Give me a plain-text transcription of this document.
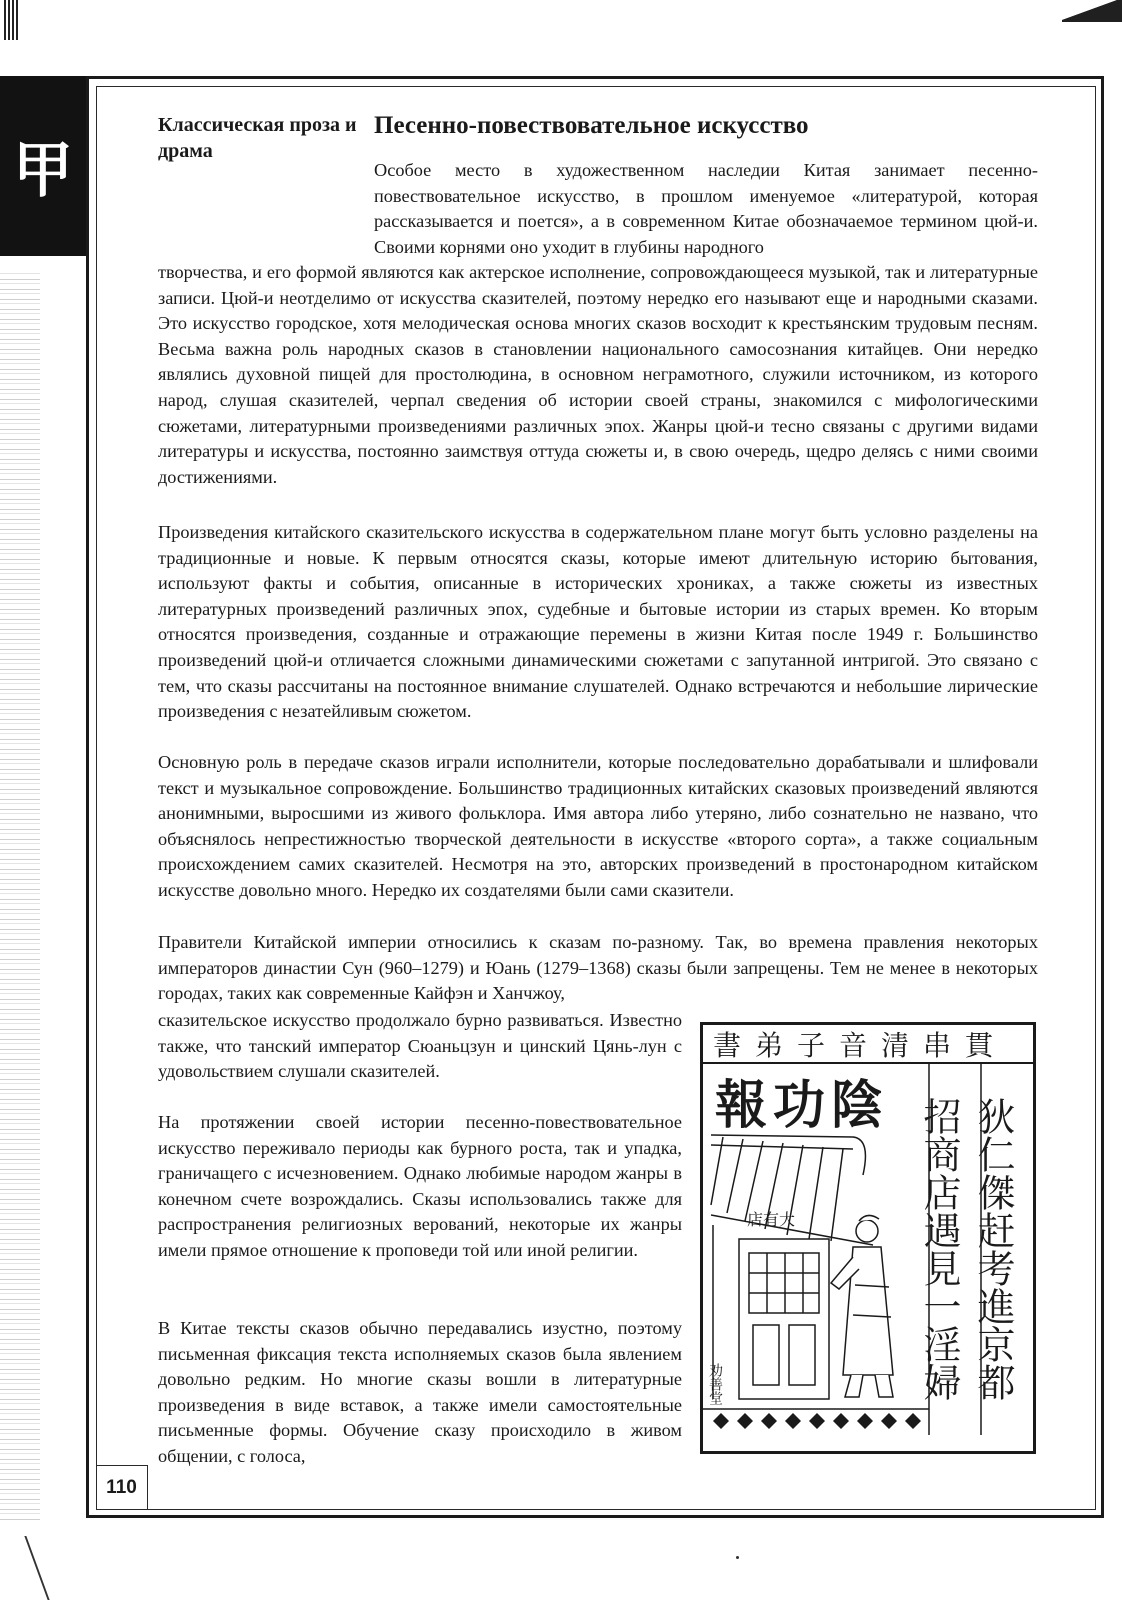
甲
Классическая проза и драма
Песенно-повествовательное искусство

Особое место в художественном наследии Китая занимает песенно-повествовательное искусство, в прошлом именуемое «литературой, которая рассказывается и поется», а в современном Китае обозначаемое термином цюй-и. Своими корнями оно уходит в глубины народного

творчества, и его формой являются как актерское исполнение, сопровождающееся музыкой, так и литературные записи. Цюй-и неотделимо от искусства сказителей, поэтому нередко его называют еще и народными сказами. Это искусство городское, хотя мелодическая основа многих сказов восходит к крестьянским трудовым песням. Весьма важна роль народных сказов в становлении национального самосознания китайцев. Они нередко являлись духовной пищей для простолюдина, в основном неграмотного, служили источником, из которого народ, слушая сказителей, черпал сведения об истории своей страны, знакомился с мифологическими сюжетами, литературными произведениями различных эпох. Жанры цюй-и тесно связаны с другими видами литературы и искусства, постоянно заимствуя оттуда сюжеты и, в свою очередь, щедро делясь с ними своими достижениями.

Произведения китайского сказительского искусства в содержательном плане могут быть условно разделены на традиционные и новые. К первым относятся сказы, которые имеют длительную историю бытования, используют факты и события, описанные в исторических хрониках, а также сюжеты из известных литературных произведений различных эпох, судебные и бытовые истории из старых времен. Ко вторым относятся произведения, созданные и отражающие перемены в жизни Китая после 1949 г. Большинство произведений цюй-и отличается сложными динамическими сюжетами с запутанной интригой. Это связано с тем, что сказы рассчитаны на постоянное внимание слушателей. Однако встречаются и небольшие лирические произведения с незатейливым сюжетом.

Основную роль в передаче сказов играли исполнители, которые последовательно дорабатывали и шлифовали текст и музыкальное сопровождение. Большинство традиционных китайских сказовых произведений являются анонимными, выросшими из живого фольклора. Имя автора либо утеряно, либо сознательно не названо, что объяснялось непрестижностью творческой деятельности в искусстве «второго сорта», а также социальным происхождением самих сказителей. Несмотря на это, авторских произведений в простонародном китайском искусстве довольно много. Нередко их создателями были сами сказители.

Правители Китайской империи относились к сказам по-разному. Так, во времена правления некоторых императоров династии Сун (960–1279) и Юань (1279–1368) сказы были запрещены. Тем не менее в некоторых городах, таких как современные Кайфэн и Ханчжоу,

сказительское искусство продолжало бурно развиваться. Известно также, что танский император Сюаньцзун и цинский Цянь-лун с удовольствием слушали сказителей.

На протяжении своей истории песенно-повествовательное искусство переживало периоды как бурного роста, так и упадка, граничащего с исчезновением. Однако любимые народом жанры в конечном счете возрождались. Сказы использовались также для распространения религиозных верований, некоторые их жанры имели прямое отношение к проповеди той или иной религии.

В Китае тексты сказов обычно передавались изустно, поэтому письменная фиксация текста исполняемых сказов была явлением довольно редким. Но многие сказы вошли в литературные произведения в виде вставок, а также имели самостоятельные письменные формы. Обучение сказу происходило в живом общении, с голоса,

書弟子音清串貫
報功陰 狄仁傑赶考進京都
招商店遇見一淫婦
店有大
劝善堂
110
